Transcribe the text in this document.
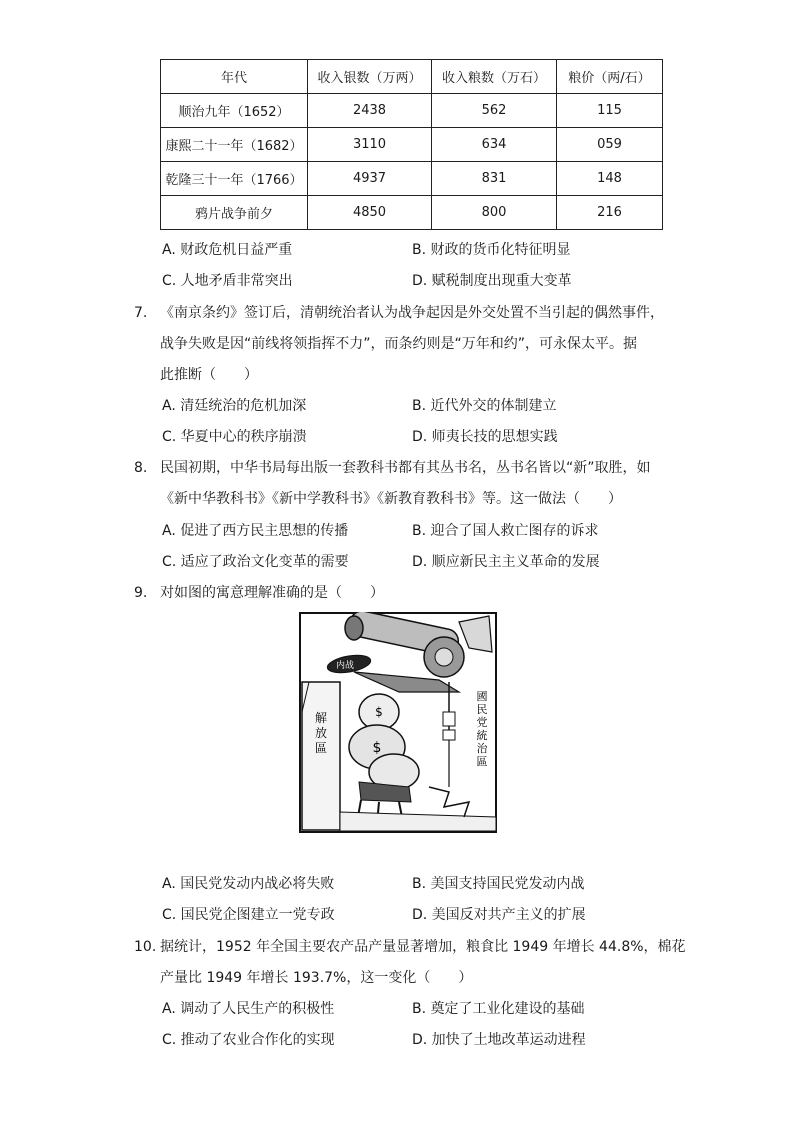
年代	收入银数（万两）	收入粮数（万石）	粮价（两/石）
顺治九年（1652）	2438	562	115
康熙二十一年（1682）	3110	634	059
乾隆三十一年（1766）	4937	831	148
鸦片战争前夕	4850	800	216
A. 财政危机日益严重	B. 财政的货币化特征明显
C. 人地矛盾非常突出	D. 赋税制度出现重大变革
7. 《南京条约》签订后，清朝统治者认为战争起因是外交处置不当引起的偶然事件，
战争失败是因“前线将领指挥不力”，而条约则是“万年和约”，可永保太平。据
此推断（　　）
A. 清廷统治的危机加深	B. 近代外交的体制建立
C. 华夏中心的秩序崩溃	D. 师夷长技的思想实践
8. 民国初期，中华书局每出版一套教科书都有其丛书名，丛书名皆以“新”取胜，如
《新中华教科书》《新中学教科书》《新教育教科书》等。这一做法（　　）
A. 促进了西方民主思想的传播	B. 迎合了国人救亡图存的诉求
C. 适应了政治文化变革的需要	D. 顺应新民主主义革命的发展
9. 对如图的寓意理解准确的是（　　）
解放區
内战
$
$
國民党統治區
A. 国民党发动内战必将失败	B. 美国支持国民党发动内战
C. 国民党企图建立一党专政	D. 美国反对共产主义的扩展
10. 据统计，1952 年全国主要农产品产量显著增加，粮食比 1949 年增长 44.8%，棉花
产量比 1949 年增长 193.7%，这一变化（　　）
A. 调动了人民生产的积极性	B. 奠定了工业化建设的基础
C. 推动了农业合作化的实现	D. 加快了土地改革运动进程
